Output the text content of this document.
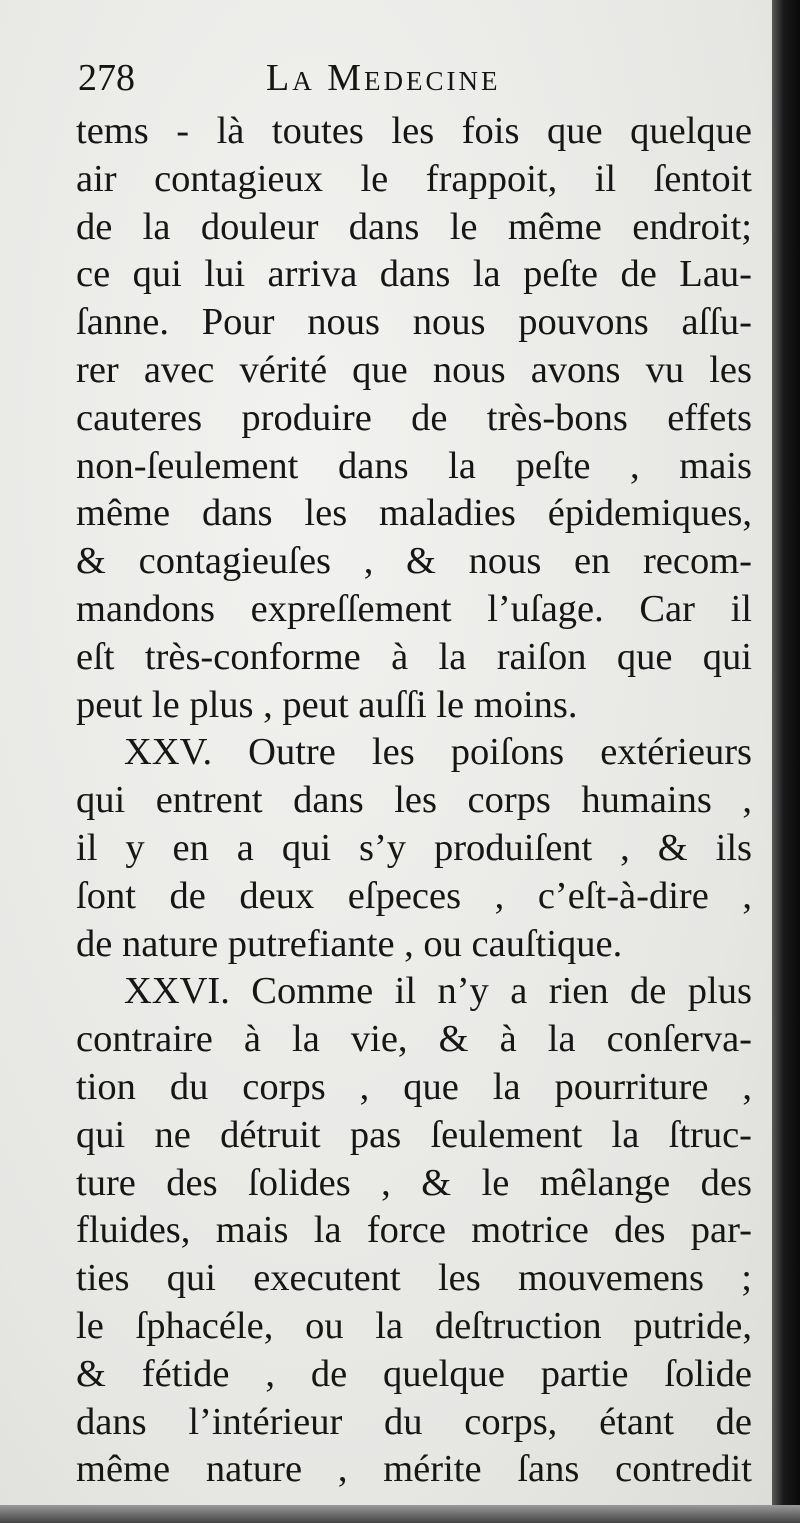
278	La Medecine
tems - là toutes les fois que quelque
air contagieux le frappoit, il ſentoit
de la douleur dans le même endroit;
ce qui lui arriva dans la peſte de Lau-
ſanne. Pour nous nous pouvons aſſu-
rer avec vérité que nous avons vu les
cauteres produire de très-bons effets
non-ſeulement dans la peſte , mais
même dans les maladies épidemiques,
& contagieuſes , & nous en recom-
mandons expreſſement l’uſage. Car il
eſt très-conforme à la raiſon que qui
peut le plus , peut auſſi le moins.
XXV. Outre les poiſons extérieurs
qui entrent dans les corps humains ,
il y en a qui s’y produiſent , & ils
ſont de deux eſpeces , c’eſt-à-dire ,
de nature putrefiante , ou cauſtique.
XXVI. Comme il n’y a rien de plus
contraire à la vie, & à la conſerva-
tion du corps , que la pourriture ,
qui ne détruit pas ſeulement la ſtruc-
ture des ſolides , & le mêlange des
fluides, mais la force motrice des par-
ties qui executent les mouvemens ;
le ſphacéle, ou la deſtruction putride,
& fétide , de quelque partie ſolide
dans l’intérieur du corps, étant de
même nature , mérite ſans contredit
